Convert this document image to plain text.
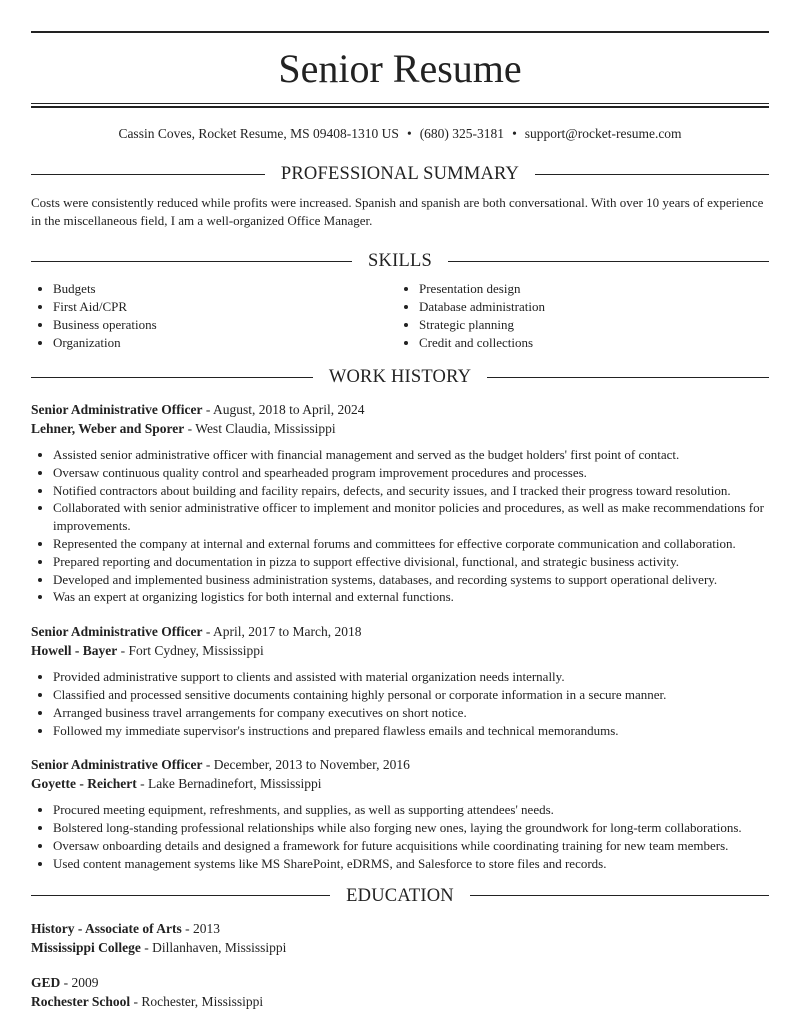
Senior Resume
Cassin Coves, Rocket Resume, MS 09408-1310 US • (680) 325-3181 • support@rocket-resume.com
PROFESSIONAL SUMMARY
Costs were consistently reduced while profits were increased. Spanish and spanish are both conversational. With over 10 years of experience in the miscellaneous field, I am a well-organized Office Manager.
SKILLS
• Budgets
• First Aid/CPR
• Business operations
• Organization
• Presentation design
• Database administration
• Strategic planning
• Credit and collections
WORK HISTORY
Senior Administrative Officer - August, 2018 to April, 2024
Lehner, Weber and Sporer - West Claudia, Mississippi
• Assisted senior administrative officer with financial management and served as the budget holders' first point of contact.
• Oversaw continuous quality control and spearheaded program improvement procedures and processes.
• Notified contractors about building and facility repairs, defects, and security issues, and I tracked their progress toward resolution.
• Collaborated with senior administrative officer to implement and monitor policies and procedures, as well as make recommendations for improvements.
• Represented the company at internal and external forums and committees for effective corporate communication and collaboration.
• Prepared reporting and documentation in pizza to support effective divisional, functional, and strategic business activity.
• Developed and implemented business administration systems, databases, and recording systems to support operational delivery.
• Was an expert at organizing logistics for both internal and external functions.
Senior Administrative Officer - April, 2017 to March, 2018
Howell - Bayer - Fort Cydney, Mississippi
• Provided administrative support to clients and assisted with material organization needs internally.
• Classified and processed sensitive documents containing highly personal or corporate information in a secure manner.
• Arranged business travel arrangements for company executives on short notice.
• Followed my immediate supervisor's instructions and prepared flawless emails and technical memorandums.
Senior Administrative Officer - December, 2013 to November, 2016
Goyette - Reichert - Lake Bernadinefort, Mississippi
• Procured meeting equipment, refreshments, and supplies, as well as supporting attendees' needs.
• Bolstered long-standing professional relationships while also forging new ones, laying the groundwork for long-term collaborations.
• Oversaw onboarding details and designed a framework for future acquisitions while coordinating training for new team members.
• Used content management systems like MS SharePoint, eDRMS, and Salesforce to store files and records.
EDUCATION
History - Associate of Arts - 2013
Mississippi College - Dillanhaven, Mississippi
GED - 2009
Rochester School - Rochester, Mississippi
